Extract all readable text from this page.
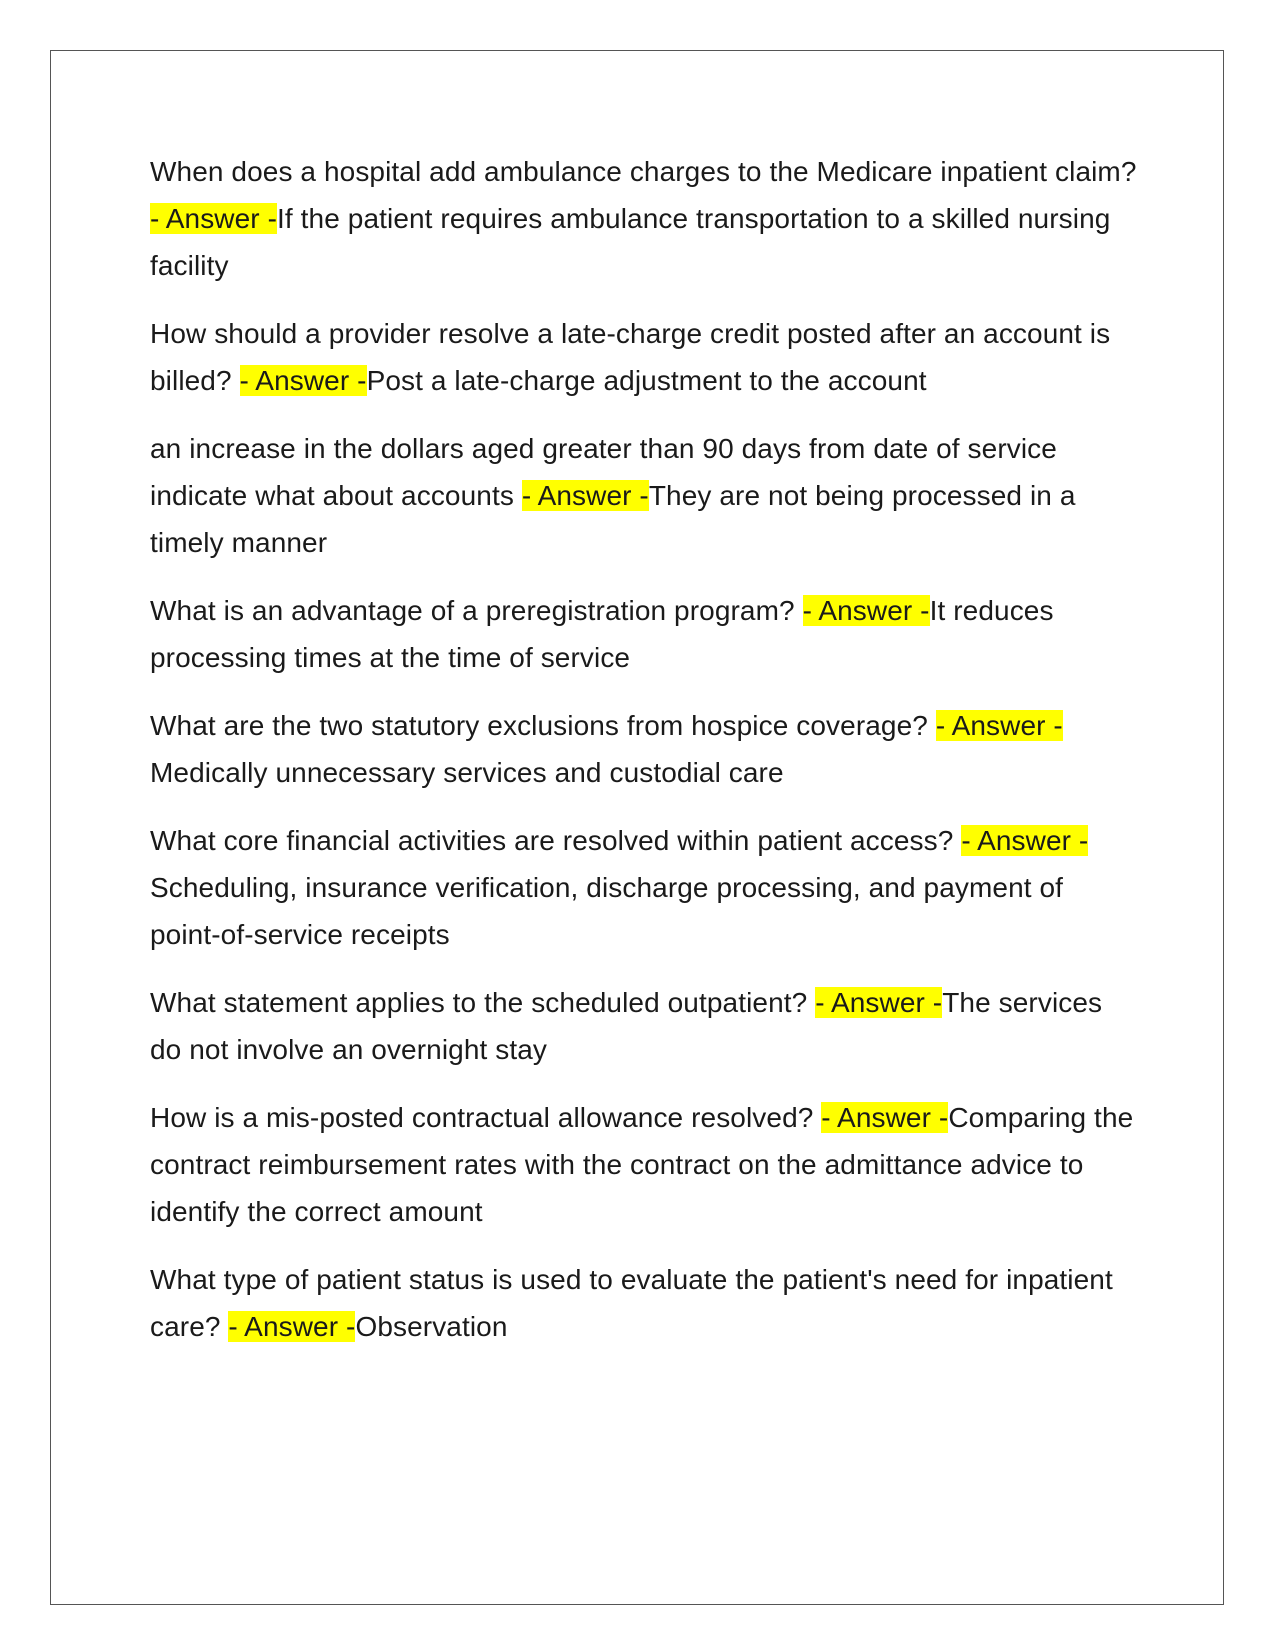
When does a hospital add ambulance charges to the Medicare inpatient claim? - Answer -If the patient requires ambulance transportation to a skilled nursing facility

How should a provider resolve a late-charge credit posted after an account is billed? - Answer -Post a late-charge adjustment to the account

an increase in the dollars aged greater than 90 days from date of service indicate what about accounts - Answer -They are not being processed in a timely manner

What is an advantage of a preregistration program? - Answer -It reduces processing times at the time of service

What are the two statutory exclusions from hospice coverage? - Answer -Medically unnecessary services and custodial care

What core financial activities are resolved within patient access? - Answer -Scheduling, insurance verification, discharge processing, and payment of point-of-service receipts

What statement applies to the scheduled outpatient? - Answer -The services do not involve an overnight stay

How is a mis-posted contractual allowance resolved? - Answer -Comparing the contract reimbursement rates with the contract on the admittance advice to identify the correct amount

What type of patient status is used to evaluate the patient's need for inpatient care? - Answer -Observation
